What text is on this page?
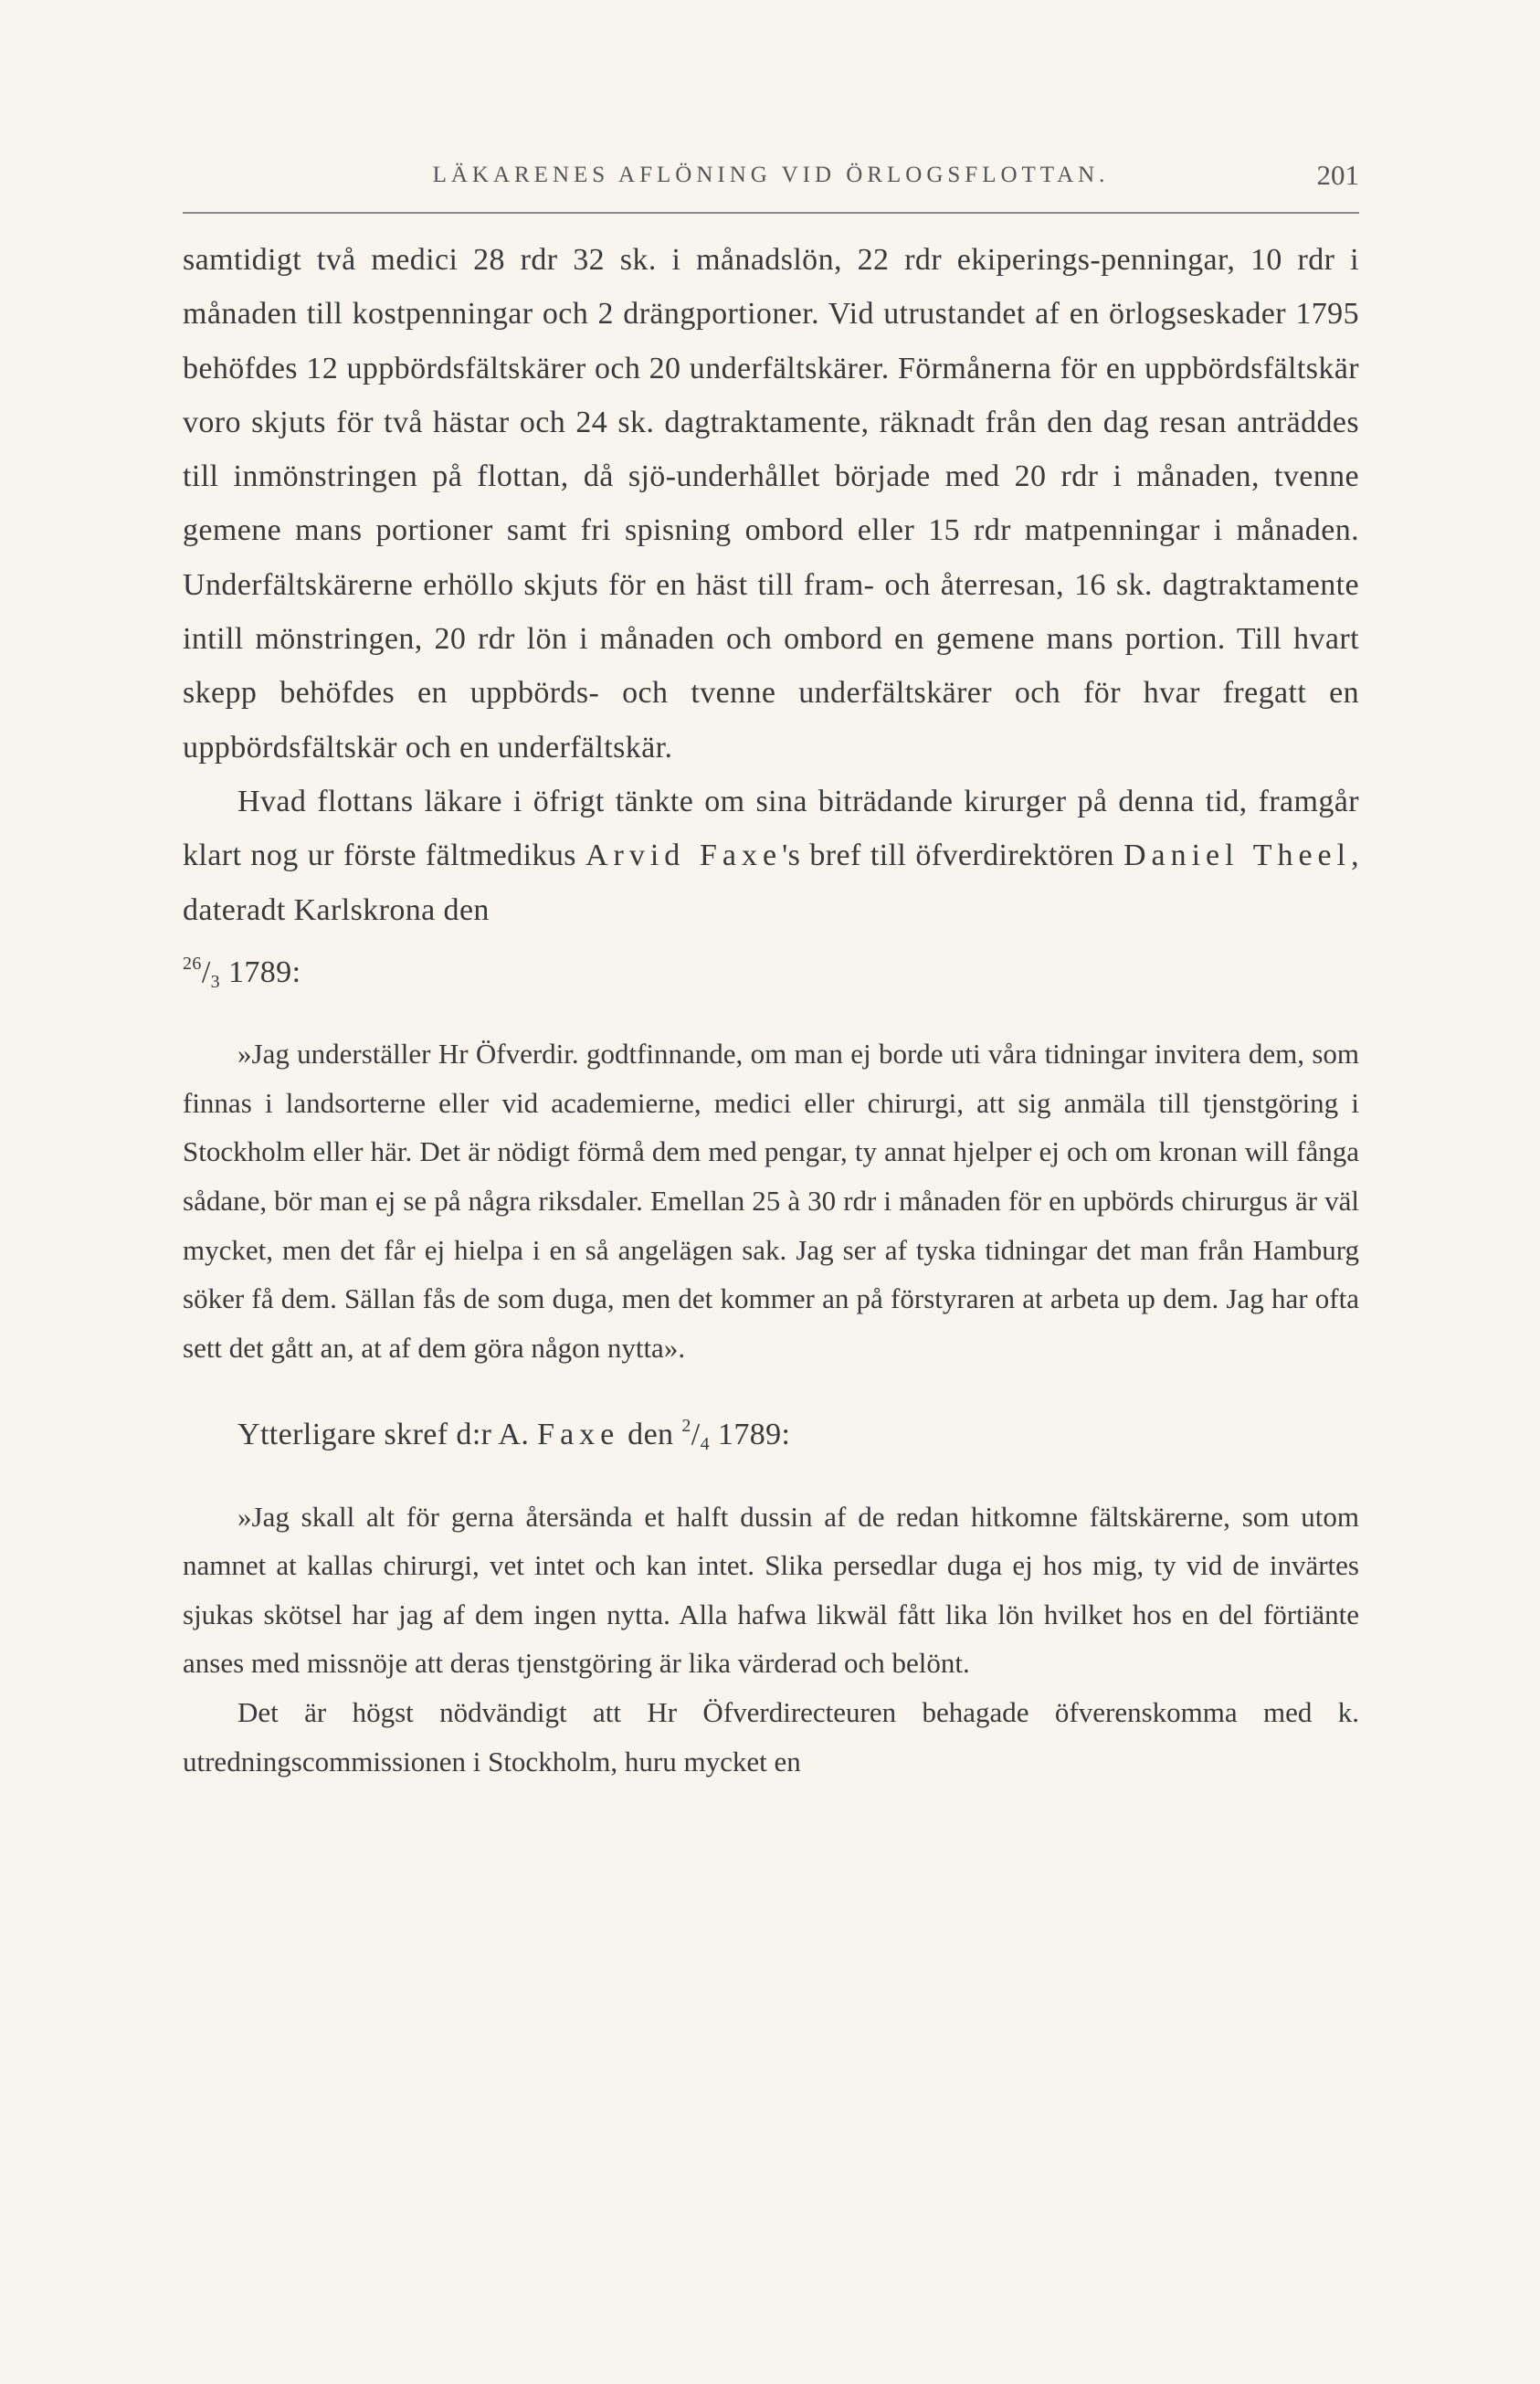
LÄKARENES AFLÖNING VID ÖRLOGSFLOTTAN.	201

samtidigt två medici 28 rdr 32 sk. i månadslön, 22 rdr ekiperings-penningar, 10 rdr i månaden till kostpenningar och 2 drängportioner. Vid utrustandet af en örlogseskader 1795 behöfdes 12 uppbördsfältskärer och 20 underfältskärer. Förmånerna för en uppbördsfältskär voro skjuts för två hästar och 24 sk. dagtraktamente, räknadt från den dag resan anträddes till inmönstringen på flottan, då sjö-underhållet började med 20 rdr i månaden, tvenne gemene mans portioner samt fri spisning ombord eller 15 rdr matpenningar i månaden. Underfältskärerne erhöllo skjuts för en häst till fram- och återresan, 16 sk. dagtraktamente intill mönstringen, 20 rdr lön i månaden och ombord en gemene mans portion. Till hvart skepp behöfdes en uppbörds- och tvenne underfältskärer och för hvar fregatt en uppbördsfältskär och en underfältskär.

Hvad flottans läkare i öfrigt tänkte om sina biträdande kirurger på denna tid, framgår klart nog ur förste fältmedikus Arvid Faxe's bref till öfverdirektören Daniel Theel, dateradt Karlskrona den
$^{26}/_3$ 1789:

»Jag underställer Hr Öfverdir. godtfinnande, om man ej borde uti våra tidningar invitera dem, som finnas i landsorterne eller vid academierne, medici eller chirurgi, att sig anmäla till tjenstgöring i Stockholm eller här. Det är nödigt förmå dem med pengar, ty annat hjelper ej och om kronan will fånga sådane, bör man ej se på några riksdaler. Emellan 25 à 30 rdr i månaden för en upbörds chirurgus är väl mycket, men det får ej hielpa i en så angelägen sak. Jag ser af tyska tidningar det man från Hamburg söker få dem. Sällan fås de som duga, men det kommer an på förstyraren at arbeta up dem. Jag har ofta sett det gått an, at af dem göra någon nytta».

Ytterligare skref d:r A. Faxe den $^2/_4$ 1789:

»Jag skall alt för gerna återsända et halft dussin af de redan hitkomne fältskärerne, som utom namnet at kallas chirurgi, vet intet och kan intet. Slika persedlar duga ej hos mig, ty vid de invärtes sjukas skötsel har jag af dem ingen nytta. Alla hafwa likwäl fått lika lön hvilket hos en del förtiänte anses med missnöje att deras tjenstgöring är lika värderad och belönt.

Det är högst nödvändigt att Hr Öfverdirecteuren behagade öfverenskomma med k. utredningscommissionen i Stockholm, huru mycket en
